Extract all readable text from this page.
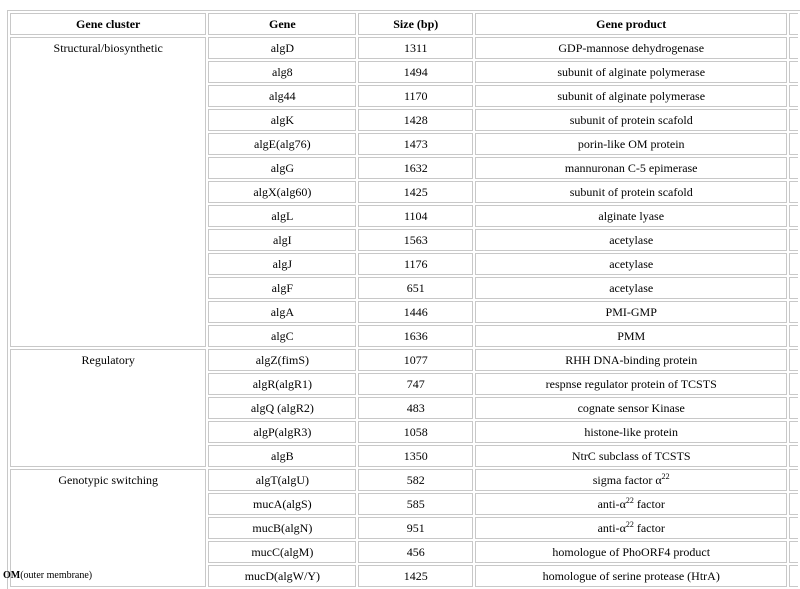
Gene cluster	Gene	Size (bp)	Gene product	
Structural/biosynthetic	algD	1311	GDP-mannose dehydrogenase	
	alg8	1494	subunit of alginate polymerase	
	alg44	1170	subunit of alginate polymerase	
	algK	1428	subunit of protein scafold	
	algE(alg76)	1473	porin-like OM protein	
	algG	1632	mannuronan C-5 epimerase	
	algX(alg60)	1425	subunit of protein scafold	
	algL	1104	alginate lyase	
	algI	1563	acetylase	
	algJ	1176	acetylase	
	algF	651	acetylase	
	algA	1446	PMI-GMP	
	algC	1636	PMM	
Regulatory	algZ(fimS)	1077	RHH DNA-binding protein	
	algR(algR1)	747	respnse regulator protein of TCSTS	
	algQ (algR2)	483	cognate sensor Kinase	
	algP(algR3)	1058	histone-like protein	
	algB	1350	NtrC subclass of TCSTS	
Genotypic switching	algT(algU)	582	sigma factor $\alpha^{22}$	
	mucA(algS)	585	anti-$\alpha^{22}$ factor	
	mucB(algN)	951	anti-$\alpha^{22}$ factor	
	mucC(algM)	456	homologue of PhoORF4 product	
	mucD(algW/Y)	1425	homologue of serine protease (HtrA)	
OM(outer membrane)
